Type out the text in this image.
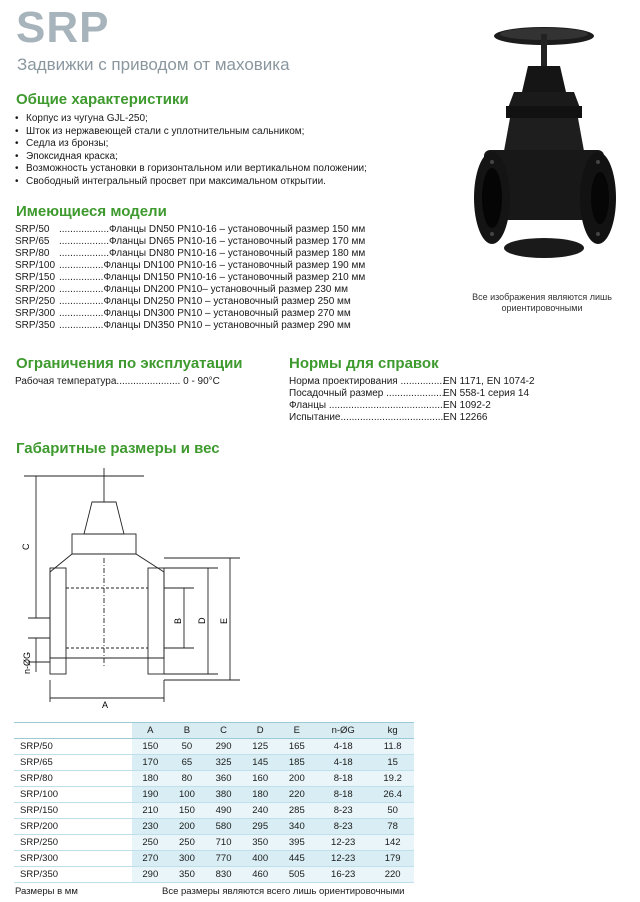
SRP
Задвижки с приводом от маховика
Общие характеристики
• Корпус из чугуна GJL-250;
• Шток из нержавеющей стали с уплотнительным сальником;
• Седла из бронзы;
• Эпоксидная краска;
• Возможность установки в горизонтальном или вертикальном положении;
• Свободный интегральный просвет при максимальном открытии.
Имеющиеся модели
SRP/50 .................. Фланцы DN50 PN10-16 – установочный размер 150 мм
SRP/65 .................. Фланцы DN65 PN10-16 – установочный размер 170 мм
SRP/80 .................. Фланцы DN80 PN10-16 – установочный размер 180 мм
SRP/100 ................ Фланцы DN100 PN10-16 – установочный размер 190 мм
SRP/150 ................ Фланцы DN150 PN10-16 – установочный размер 210 мм
SRP/200 ................ Фланцы DN200 PN10– установочный размер 230 мм
SRP/250 ................ Фланцы DN250 PN10 – установочный размер 250 мм
SRP/300 ................ Фланцы DN300 PN10 – установочный размер 270 мм
SRP/350 ................ Фланцы DN350 PN10 – установочный размер 290 мм
Все изображения являются лишь ориентировочными
Ограничения по эксплуатации
Рабочая температура....................... 0 - 90°C
Нормы для справок
Норма проектирования ................
EN 1171, EN 1074-2
Посадочный размер .....................
EN 558-1 серия 14
Фланцы ..........................................
EN 1092-2
Испытание......................................
EN 12266
Габаритные размеры и вес
C
n-ØG
A
B D E
	A	B	C	D	E	n-ØG	kg
SRP/50	150	50	290	125	165	4-18	11.8
SRP/65	170	65	325	145	185	4-18	15
SRP/80	180	80	360	160	200	8-18	19.2
SRP/100	190	100	380	180	220	8-18	26.4
SRP/150	210	150	490	240	285	8-23	50
SRP/200	230	200	580	295	340	8-23	78
SRP/250	250	250	710	350	395	12-23	142
SRP/300	270	300	770	400	445	12-23	179
SRP/350	290	350	830	460	505	16-23	220
Размеры в мм	Все размеры являются всего лишь ориентировочными
